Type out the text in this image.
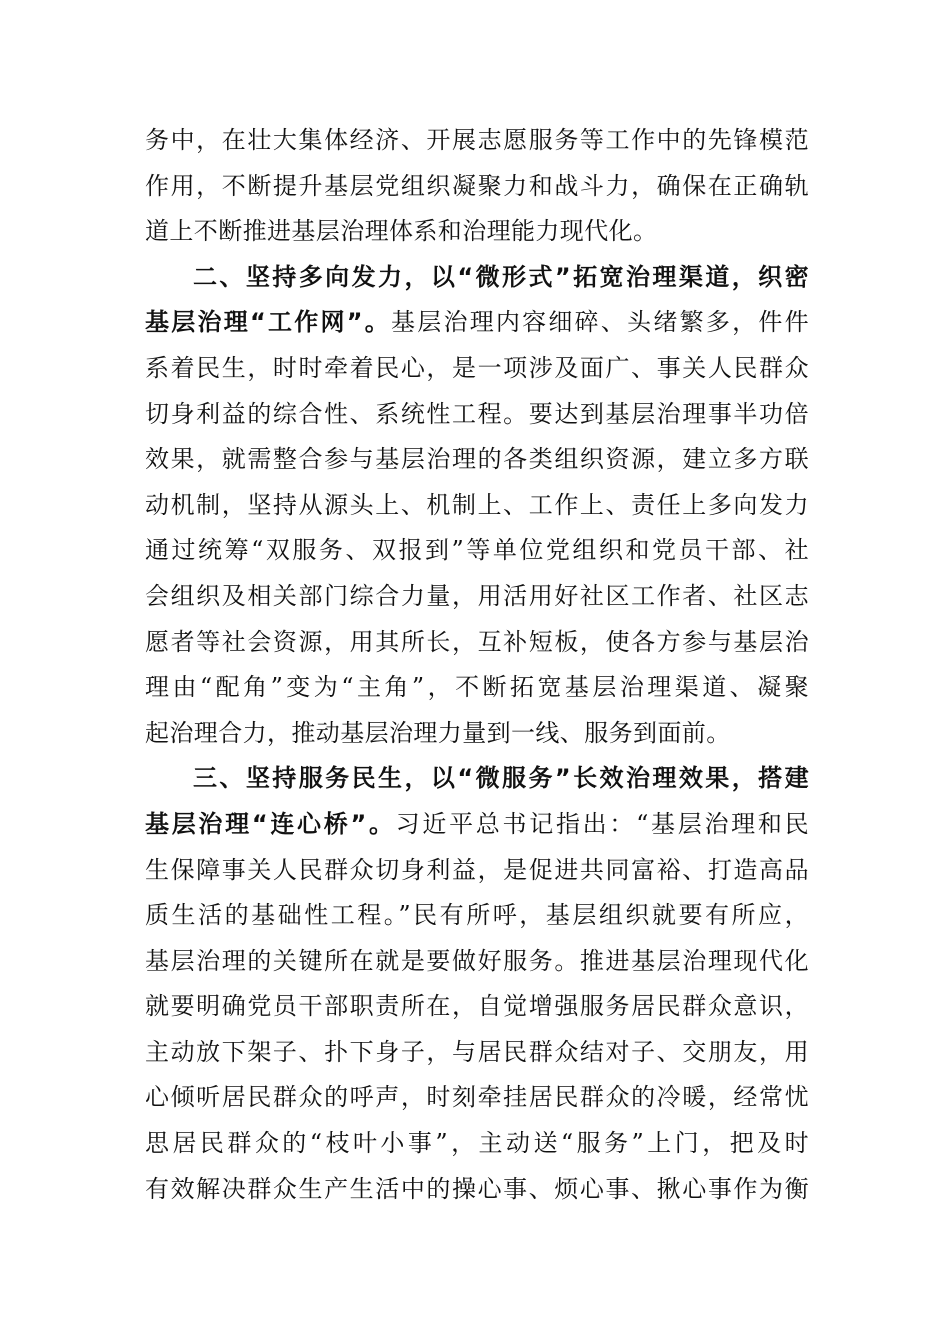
务中，在壮大集体经济、开展志愿服务等工作中的先锋模范
作用，不断提升基层党组织凝聚力和战斗力，确保在正确轨
道上不断推进基层治理体系和治理能力现代化。
二、坚持多向发力，以“微形式”拓宽治理渠道，织密
基层治理“工作网”。基层治理内容细碎、头绪繁多，件件
系着民生，时时牵着民心，是一项涉及面广、事关人民群众
切身利益的综合性、系统性工程。要达到基层治理事半功倍
效果，就需整合参与基层治理的各类组织资源，建立多方联
动机制，坚持从源头上、机制上、工作上、责任上多向发力
通过统筹“双服务、双报到”等单位党组织和党员干部、社
会组织及相关部门综合力量，用活用好社区工作者、社区志
愿者等社会资源，用其所长，互补短板，使各方参与基层治
理由“配角”变为“主角”，不断拓宽基层治理渠道、凝聚
起治理合力，推动基层治理力量到一线、服务到面前。
三、坚持服务民生，以“微服务”长效治理效果，搭建
基层治理“连心桥”。习近平总书记指出：“基层治理和民
生保障事关人民群众切身利益，是促进共同富裕、打造高品
质生活的基础性工程。”民有所呼，基层组织就要有所应，
基层治理的关键所在就是要做好服务。推进基层治理现代化
就要明确党员干部职责所在，自觉增强服务居民群众意识，
主动放下架子、扑下身子，与居民群众结对子、交朋友，用
心倾听居民群众的呼声，时刻牵挂居民群众的冷暖，经常忧
思居民群众的“枝叶小事”，主动送“服务”上门，把及时
有效解决群众生产生活中的操心事、烦心事、揪心事作为衡
